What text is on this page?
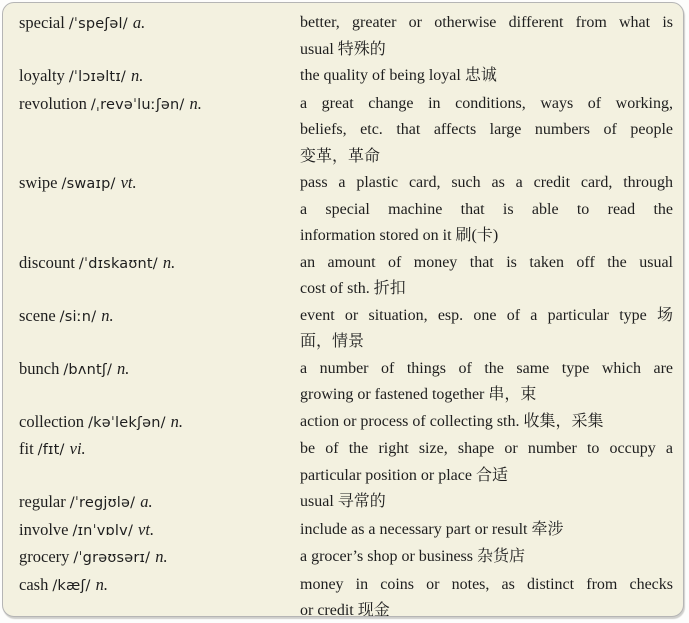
special /ˈspeʃəl/ a.	better, greater or otherwise different from what is
usual 特殊的
loyalty /ˈlɔɪəltɪ/ n.	the quality of being loyal 忠诚
revolution /ˌrevəˈluːʃən/ n.	a great change in conditions, ways of working,
beliefs, etc. that affects large numbers of people
变革，革命
swipe /swaɪp/ vt.	pass a plastic card, such as a credit card, through
a special machine that is able to read the
information stored on it 刷(卡)
discount /ˈdɪskaʊnt/ n.	an amount of money that is taken off the usual
cost of sth. 折扣
scene /siːn/ n.	event or situation, esp. one of a particular type 场
面，情景
bunch /bʌntʃ/ n.	a number of things of the same type which are
growing or fastened together 串，束
collection /kəˈlekʃən/ n.	action or process of collecting sth. 收集，采集
fit /fɪt/ vi.	be of the right size, shape or number to occupy a
particular position or place 合适
regular /ˈregjʊlə/ a.	usual 寻常的
involve /ɪnˈvɒlv/ vt.	include as a necessary part or result 牵涉
grocery /ˈgrəʊsərɪ/ n.	a grocer’s shop or business 杂货店
cash /kæʃ/ n.	money in coins or notes, as distinct from checks
or credit 现金
